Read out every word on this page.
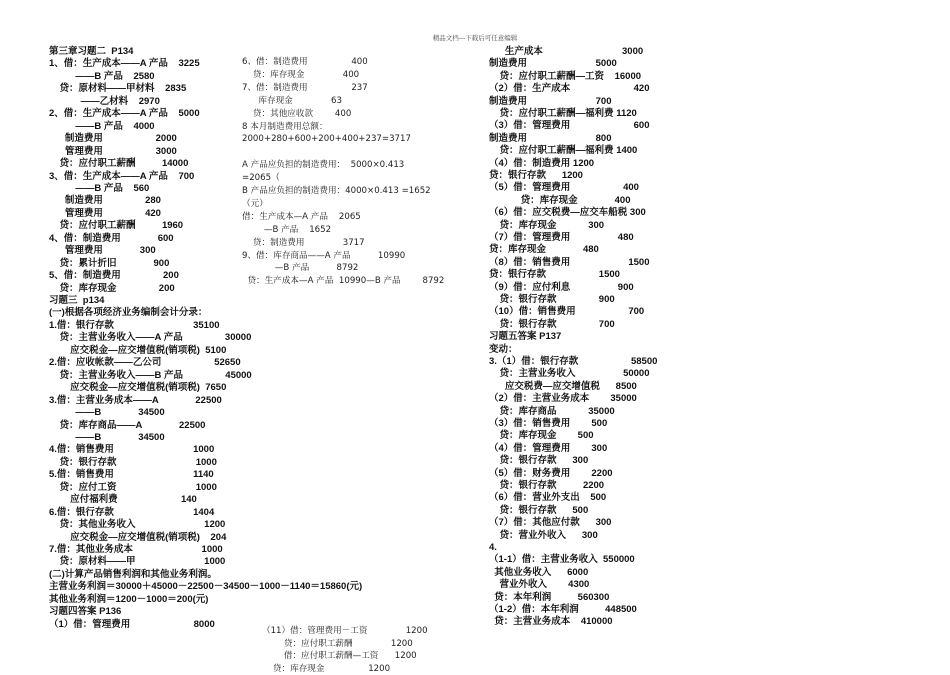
精品文档---下载后可任意编辑
第三章习题二  P134
1、借：生产成本——A 产品    3225
——B 产品    2580
贷：原材料——甲材料    2835
——乙材料    2970
2、借：生产成本——A 产品    5000
——B 产品    4000
制造费用                    2000
管理费用                    3000
贷：应付职工薪酬          14000
3、借：生产成本——A 产品    700
——B 产品    560
制造费用                280
管理费用                420
贷：应付职工薪酬          1960
4、借：制造费用              600
管理费用              300
贷：累计折旧              900
5、借：制造费用                200
贷：库存现金                200
习题三  p134
(一)根据各项经济业务编制会计分录：
1.借：银行存款                              35100
贷：主营业务收入——A 产品                30000
应交税金—应交增值税(销项税)  5100
2.借：应收帐款——乙公司                    52650
贷：主营业务收入——B 产品                45000
应交税金—应交增值税(销项税)  7650
3.借：主营业务成本——A              22500
——B              34500
贷：库存商品——A              22500
——B              34500
4.借：销售费用                              1000
贷：银行存款                              1000
5.借：销售费用                              1140
贷：应付工资                              1000
应付福利费                        140
6.借：银行存款                              1404
贷：其他业务收入                          1200
应交税金—应交增值税(销项税)    204
7.借：其他业务成本                          1000
贷：原材料——甲                          1000
(二)计算产品销售利润和其他业务利润。
主营业务利润＝30000＋45000－22500－34500－1000－1140＝15860(元)
其他业务利润＝1200－1000＝200(元)
习题四答案 P136
（1）借：管理费用                        8000
6、借：制造费用                400
贷：库存现金              400
7、借：制造费用                237
库存现金              63
贷：其他应收款        400
8 本月制造费用总额：
2000+280+600+200+400+237=3717
A 产品应负担的制造费用：  5000×0.413
=2065（
B 产品应负担的制造费用：4000×0.413 =1652
（元）
借：生产成本—A 产品    2065
—B 产品    1652
贷：制造费用              3717
9、借：库存商品——A 产品          10990
—B 产品          8792
贷：生产成本—A 产品  10990—B 产品        8792
生产成本                              3000
制造费用                          5000
贷：应付职工薪酬—工资    16000
（2）借：生产成本                        420
制造费用                          700
贷：应付职工薪酬—福利费 1120
（3）借：管理费用                        600
制造费用                          800
贷：应付职工薪酬—福利费 1400
（4）借：制造费用 1200
贷：银行存款      1200
（5）借：管理费用                    400
贷：库存现金              400
（6）借：应交税费—应交车船税 300
贷：库存现金            300
（7）借：管理费用                  480
贷：库存现金              480
（8）借：销售费用                      1500
贷：银行存款                    1500
（9）借：应付利息                  900
贷：银行存款                900
（10）借：销售费用                    700
贷：银行存款                700
习题五答案 P137
变动：
3.（1）借：银行存款                    58500
贷：主营业务收入                  50000
应交税费—应交增值税      8500
（2）借：主营业务成本        35000
贷：库存商品            35000
（3）借：销售费用        500
贷：库存现金        500
（4）借：管理费用        300
贷：银行存款      300
（5）借：财务费用        2200
贷：银行存款          2200
（6）借：营业外支出    500
贷：银行存款      500
（7）借：其他应付款      300
贷：营业外收入      300
4.
（1-1）借：主营业务收入  550000
其他业务收入      6000
营业外收入        4300
贷：本年利润          560300
（1-2）借：本年利润          448500
贷：主营业务成本    410000
（11）借：管理费用－工资              1200
贷：应付职工薪酬              1200
借：应付职工薪酬—工资      1200
贷：库存现金                1200
